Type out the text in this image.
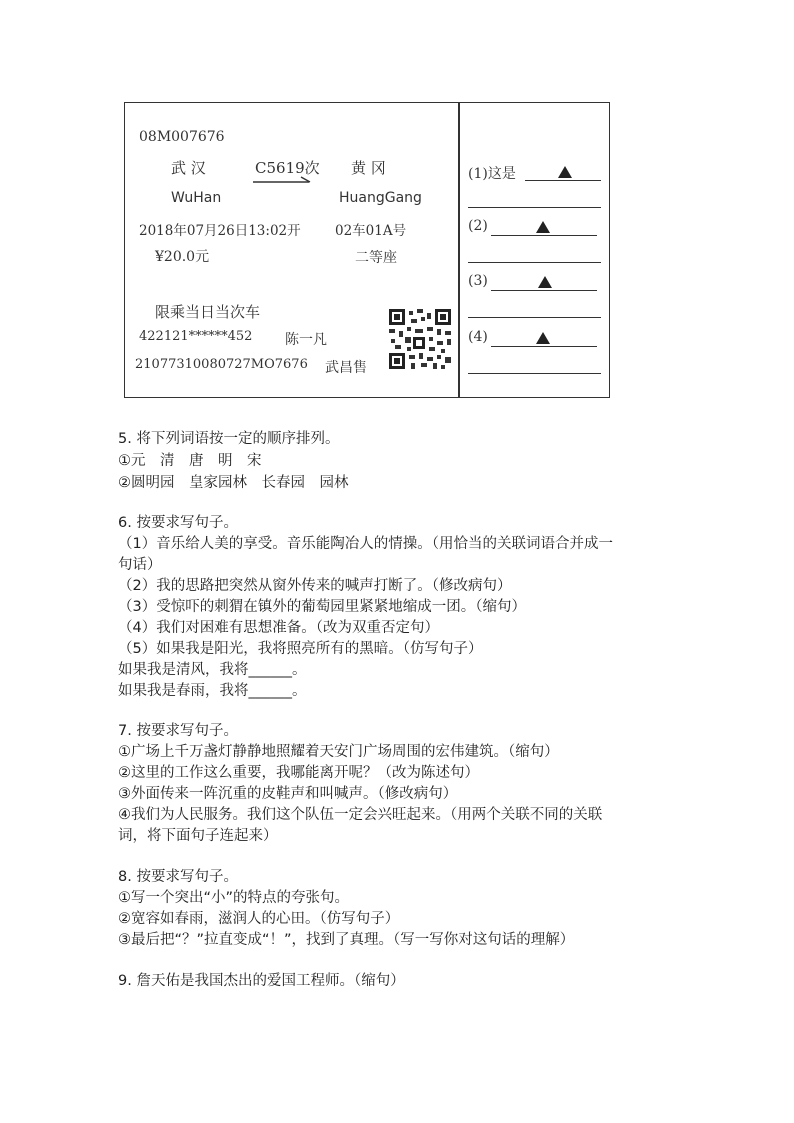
08M007676
武 汉	C5619次 黄 冈
WuHan	HuangGang
2018年07月26日13:02开	02车01A号
¥20.0元	二等座
限乘当日当次车
422121******452 陈一凡
21077310080727MO7676 武昌售
(1)这是
(2)
(3)
(4)
5. 将下列词语按一定的顺序排列。
①元　清　唐　明　宋
②圆明园　皇家园林　长春园　园林
6. 按要求写句子。
（1）音乐给人美的享受。音乐能陶冶人的情操。（用恰当的关联词语合并成一
句话）
（2）我的思路把突然从窗外传来的喊声打断了。（修改病句）
（3）受惊吓的刺猬在镇外的葡萄园里紧紧地缩成一团。（缩句）
（4）我们对困难有思想准备。（改为双重否定句）
（5）如果我是阳光，我将照亮所有的黑暗。（仿写句子）
如果我是清风，我将______。
如果我是春雨，我将______。
7. 按要求写句子。
①广场上千万盏灯静静地照耀着天安门广场周围的宏伟建筑。（缩句）
②这里的工作这么重要，我哪能离开呢？（改为陈述句）
③外面传来一阵沉重的皮鞋声和叫喊声。（修改病句）
④我们为人民服务。我们这个队伍一定会兴旺起来。（用两个关联不同的关联
词，将下面句子连起来）
8. 按要求写句子。
①写一个突出“小”的特点的夸张句。
②宽容如春雨，滋润人的心田。（仿写句子）
③最后把“？”拉直变成“！”，找到了真理。（写一写你对这句话的理解）
9. 詹天佑是我国杰出的爱国工程师。（缩句）
